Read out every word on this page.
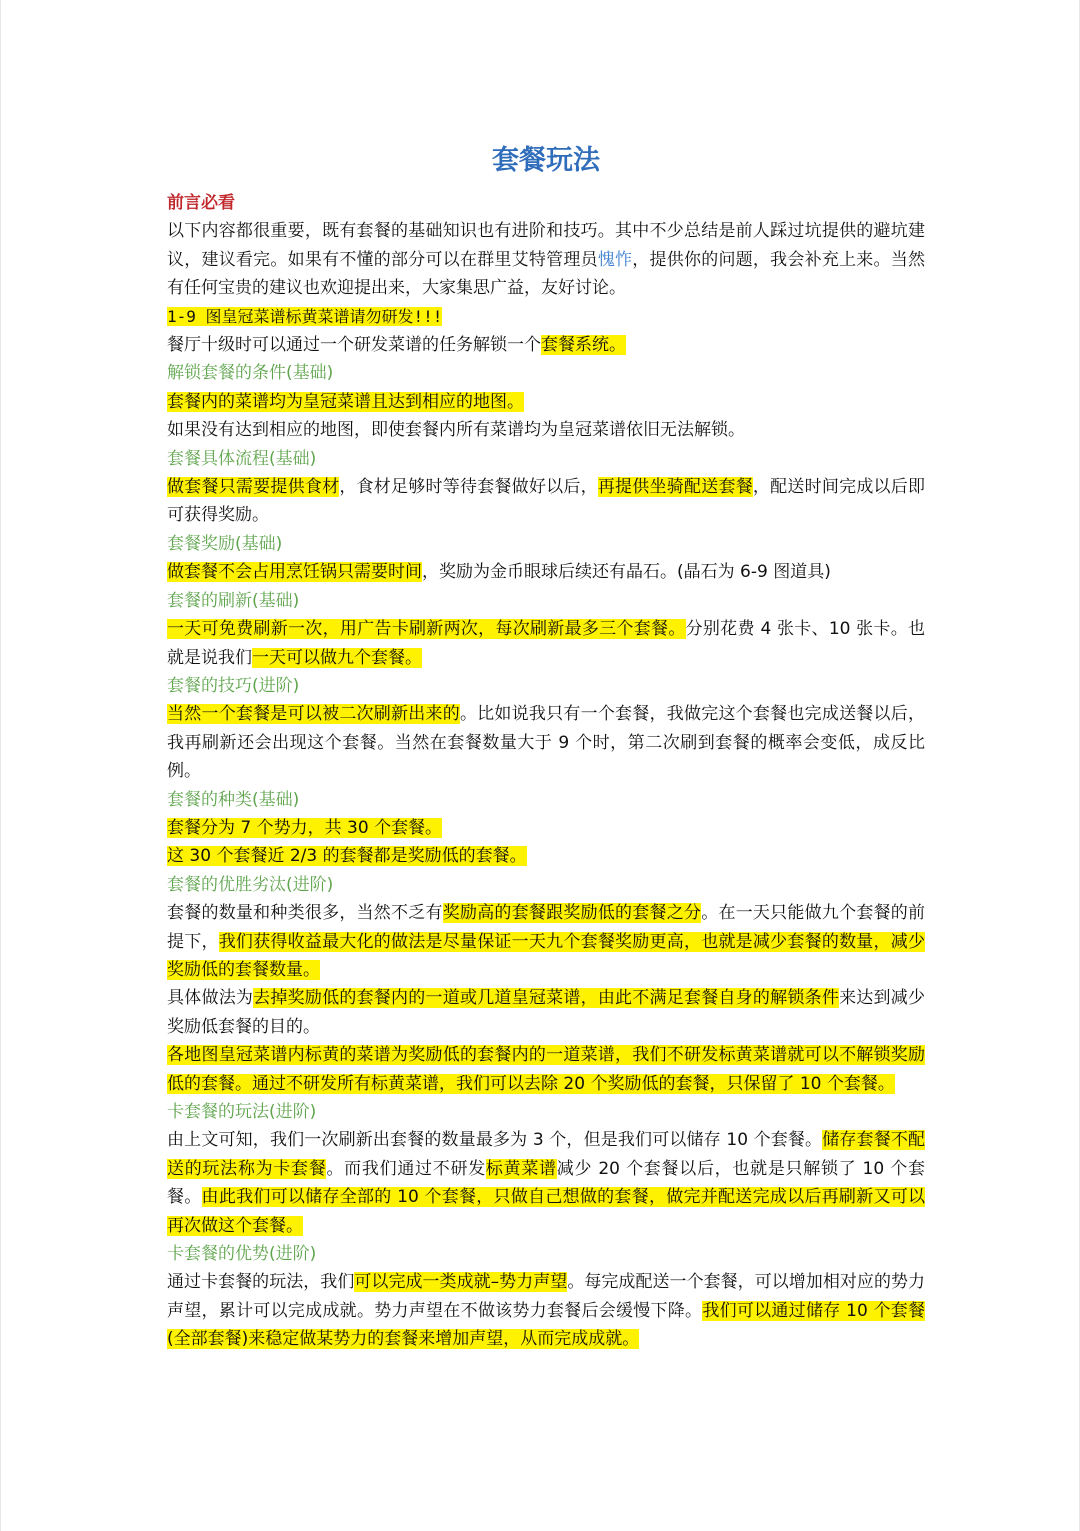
套餐玩法
前言必看
以下内容都很重要，既有套餐的基础知识也有进阶和技巧。其中不少总结是前人踩过坑提供的避坑建议，建议看完。如果有不懂的部分可以在群里艾特管理员愧怍，提供你的问题，我会补充上来。当然有任何宝贵的建议也欢迎提出来，大家集思广益，友好讨论。
1-9 图皇冠菜谱标黄菜谱请勿研发!!!
餐厅十级时可以通过一个研发菜谱的任务解锁一个套餐系统。
解锁套餐的条件(基础)
套餐内的菜谱均为皇冠菜谱且达到相应的地图。
如果没有达到相应的地图，即使套餐内所有菜谱均为皇冠菜谱依旧无法解锁。
套餐具体流程(基础)
做套餐只需要提供食材，食材足够时等待套餐做好以后，再提供坐骑配送套餐，配送时间完成以后即可获得奖励。
套餐奖励(基础)
做套餐不会占用烹饪锅只需要时间，奖励为金币眼球后续还有晶石。(晶石为 6-9 图道具)
套餐的刷新(基础)
一天可免费刷新一次，用广告卡刷新两次，每次刷新最多三个套餐。分别花费 4 张卡、10 张卡。也就是说我们一天可以做九个套餐。
套餐的技巧(进阶)
当然一个套餐是可以被二次刷新出来的。比如说我只有一个套餐，我做完这个套餐也完成送餐以后，我再刷新还会出现这个套餐。当然在套餐数量大于 9 个时，第二次刷到套餐的概率会变低，成反比例。
套餐的种类(基础)
套餐分为 7 个势力，共 30 个套餐。
这 30 个套餐近 2/3 的套餐都是奖励低的套餐。
套餐的优胜劣汰(进阶)
套餐的数量和种类很多，当然不乏有奖励高的套餐跟奖励低的套餐之分。在一天只能做九个套餐的前提下，我们获得收益最大化的做法是尽量保证一天九个套餐奖励更高，也就是减少套餐的数量，减少奖励低的套餐数量。
具体做法为去掉奖励低的套餐内的一道或几道皇冠菜谱，由此不满足套餐自身的解锁条件来达到减少奖励低套餐的目的。
各地图皇冠菜谱内标黄的菜谱为奖励低的套餐内的一道菜谱，我们不研发标黄菜谱就可以不解锁奖励低的套餐。通过不研发所有标黄菜谱，我们可以去除 20 个奖励低的套餐，只保留了 10 个套餐。
卡套餐的玩法(进阶)
由上文可知，我们一次刷新出套餐的数量最多为 3 个，但是我们可以储存 10 个套餐。储存套餐不配送的玩法称为卡套餐。而我们通过不研发标黄菜谱减少 20 个套餐以后，也就是只解锁了 10 个套餐。由此我们可以储存全部的 10 个套餐，只做自己想做的套餐，做完并配送完成以后再刷新又可以再次做这个套餐。
卡套餐的优势(进阶)
通过卡套餐的玩法，我们可以完成一类成就–势力声望。每完成配送一个套餐，可以增加相对应的势力声望，累计可以完成成就。势力声望在不做该势力套餐后会缓慢下降。我们可以通过储存 10 个套餐(全部套餐)来稳定做某势力的套餐来增加声望，从而完成成就。
